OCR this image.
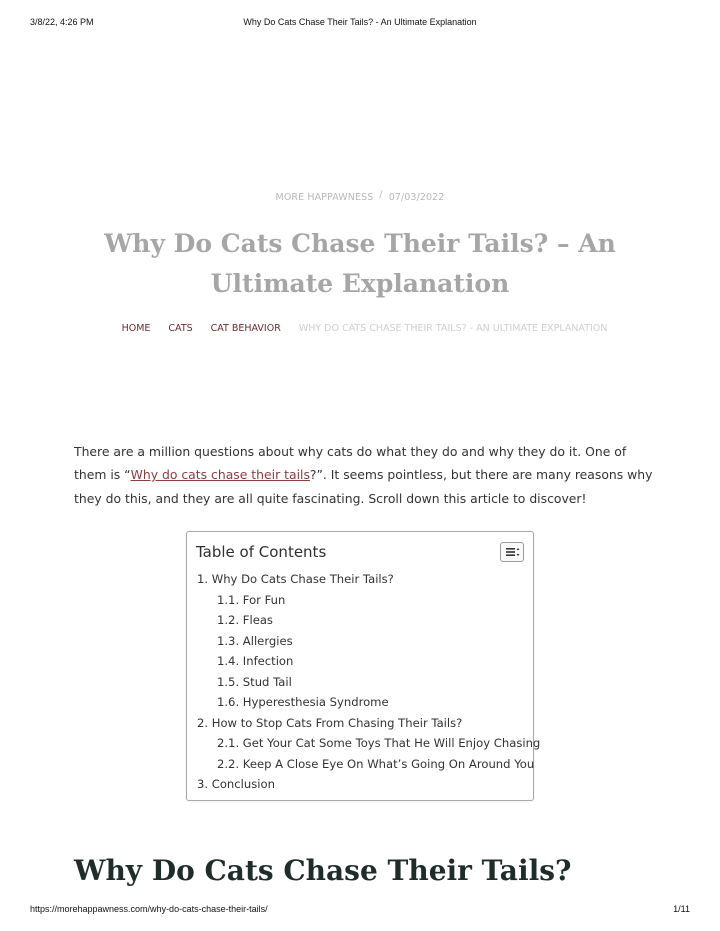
3/8/22, 4:26 PM	Why Do Cats Chase Their Tails? - An Ultimate Explanation
MORE HAPPAWNESS / 07/03/2022
Why Do Cats Chase Their Tails? – An Ultimate Explanation
HOME CATS CAT BEHAVIOR WHY DO CATS CHASE THEIR TAILS? - AN ULTIMATE EXPLANATION

There are a million questions about why cats do what they do and why they do it. One of them is “Why do cats chase their tails?”. It seems pointless, but there are many reasons why they do this, and they are all quite fascinating. Scroll down this article to discover!

Table of Contents
1. Why Do Cats Chase Their Tails?
1.1. For Fun
1.2. Fleas
1.3. Allergies
1.4. Infection
1.5. Stud Tail
1.6. Hyperesthesia Syndrome
2. How to Stop Cats From Chasing Their Tails?
2.1. Get Your Cat Some Toys That He Will Enjoy Chasing
2.2. Keep A Close Eye On What’s Going On Around You
3. Conclusion
Why Do Cats Chase Their Tails?
https://morehappawness.com/why-do-cats-chase-their-tails/	1/11
